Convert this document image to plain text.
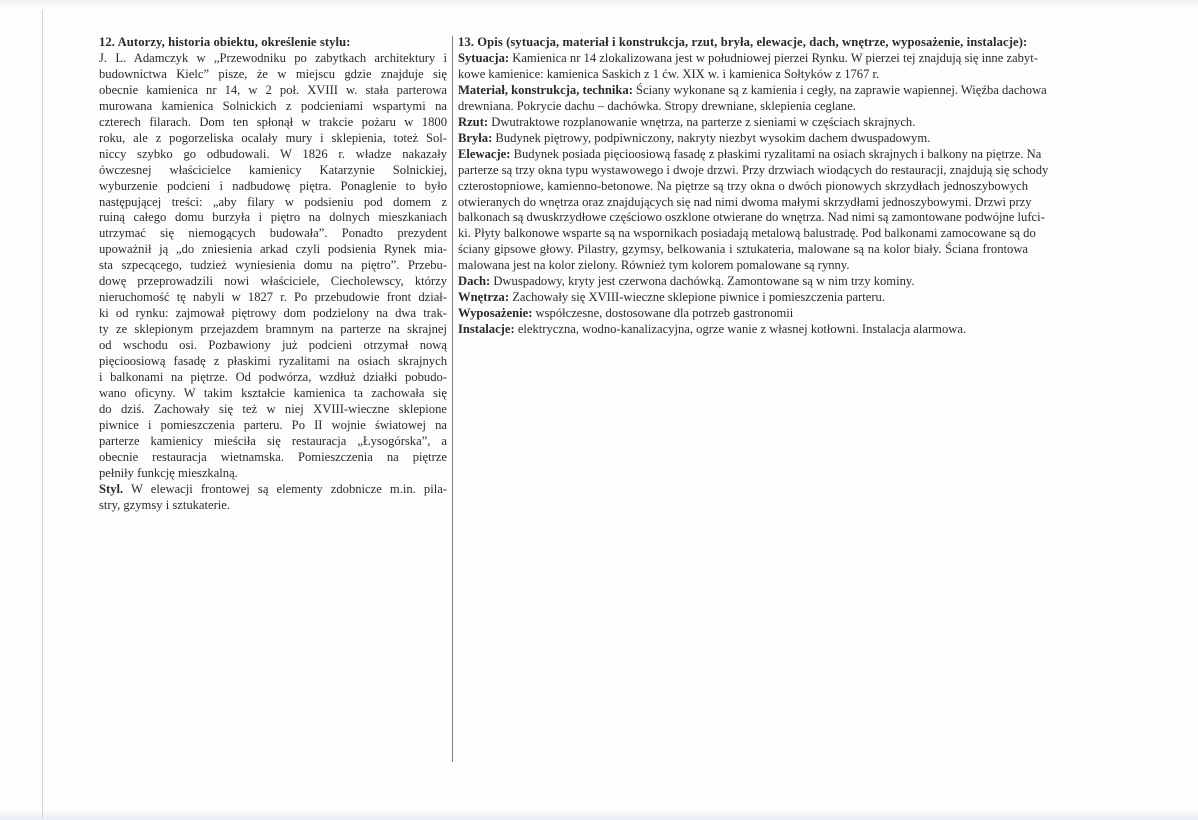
12. Autorzy, historia obiektu, określenie stylu:
J. L. Adamczyk w „Przewodniku po zabytkach architektury i
budownictwa Kielc” pisze, że w miejscu gdzie znajduje się
obecnie kamienica nr 14, w 2 poł. XVIII w. stała parterowa
murowana kamienica Solnickich z podcieniami wspartymi na
czterech filarach. Dom ten spłonął w trakcie pożaru w 1800
roku, ale z pogorzeliska ocalały mury i sklepienia, toteż Sol-
niccy szybko go odbudowali. W 1826 r. władze nakazały
ówczesnej właścicielce kamienicy Katarzynie Solnickiej,
wyburzenie podcieni i nadbudowę piętra. Ponaglenie to było
następującej treści: „aby filary w podsieniu pod domem z
ruiną całego domu burzyła i piętro na dolnych mieszkaniach
utrzymać się niemogących budowała”. Ponadto prezydent
upoważnił ją „do zniesienia arkad czyli podsienia Rynek mia-
sta szpecącego, tudzież wyniesienia domu na piętro”. Przebu-
dowę przeprowadzili nowi właściciele, Ciecholewscy, którzy
nieruchomość tę nabyli w 1827 r. Po przebudowie front dział-
ki od rynku: zajmował piętrowy dom podzielony na dwa trak-
ty ze sklepionym przejazdem bramnym na parterze na skrajnej
od wschodu osi. Pozbawiony już podcieni otrzymał nową
pięcioosiową fasadę z płaskimi ryzalitami na osiach skrajnych
i balkonami na piętrze. Od podwórza, wzdłuż działki pobudo-
wano oficyny. W takim kształcie kamienica ta zachowała się
do dziś. Zachowały się też w niej XVIII-wieczne sklepione
piwnice i pomieszczenia parteru. Po II wojnie światowej na
parterze kamienicy mieściła się restauracja „Łysogórska”, a
obecnie restauracja wietnamska. Pomieszczenia na piętrze
pełniły funkcję mieszkalną.
Styl. W elewacji frontowej są elementy zdobnicze m.in. pila-
stry, gzymsy i sztukaterie.
13. Opis (sytuacja, materiał i konstrukcja, rzut, bryła, elewacje, dach, wnętrze, wyposażenie, instalacje):
Sytuacja: Kamienica nr 14 zlokalizowana jest w południowej pierzei Rynku. W pierzei tej znajdują się inne zabyt-
kowe kamienice: kamienica Saskich z 1 ćw. XIX w. i kamienica Sołtyków z 1767 r.
Materiał, konstrukcja, technika: Ściany wykonane są z kamienia i cegły, na zaprawie wapiennej. Więźba dachowa
drewniana. Pokrycie dachu – dachówka. Stropy drewniane, sklepienia ceglane.
Rzut: Dwutraktowe rozplanowanie wnętrza, na parterze z sieniami w częściach skrajnych.
Bryła: Budynek piętrowy, podpiwniczony, nakryty niezbyt wysokim dachem dwuspadowym.
Elewacje: Budynek posiada pięcioosiową fasadę z płaskimi ryzalitami na osiach skrajnych i balkony na piętrze. Na
parterze są trzy okna typu wystawowego i dwoje drzwi. Przy drzwiach wiodących do restauracji, znajdują się schody
czterostopniowe, kamienno-betonowe. Na piętrze są trzy okna o dwóch pionowych skrzydłach jednoszybowych
otwieranych do wnętrza oraz znajdujących się nad nimi dwoma małymi skrzydłami jednoszybowymi. Drzwi przy
balkonach są dwuskrzydłowe częściowo oszklone otwierane do wnętrza. Nad nimi są zamontowane podwójne lufci-
ki. Płyty balkonowe wsparte są na wspornikach posiadają metalową balustradę. Pod balkonami zamocowane są do
ściany gipsowe głowy. Pilastry, gzymsy, belkowania i sztukateria, malowane są na kolor biały. Ściana frontowa
malowana jest na kolor zielony. Również tym kolorem pomalowane są rynny.
Dach: Dwuspadowy, kryty jest czerwona dachówką. Zamontowane są w nim trzy kominy.
Wnętrza: Zachowały się XVIII-wieczne sklepione piwnice i pomieszczenia parteru.
Wyposażenie: współczesne, dostosowane dla potrzeb gastronomii
Instalacje: elektryczna, wodno-kanalizacyjna, ogrze wanie z własnej kotłowni. Instalacja alarmowa.
